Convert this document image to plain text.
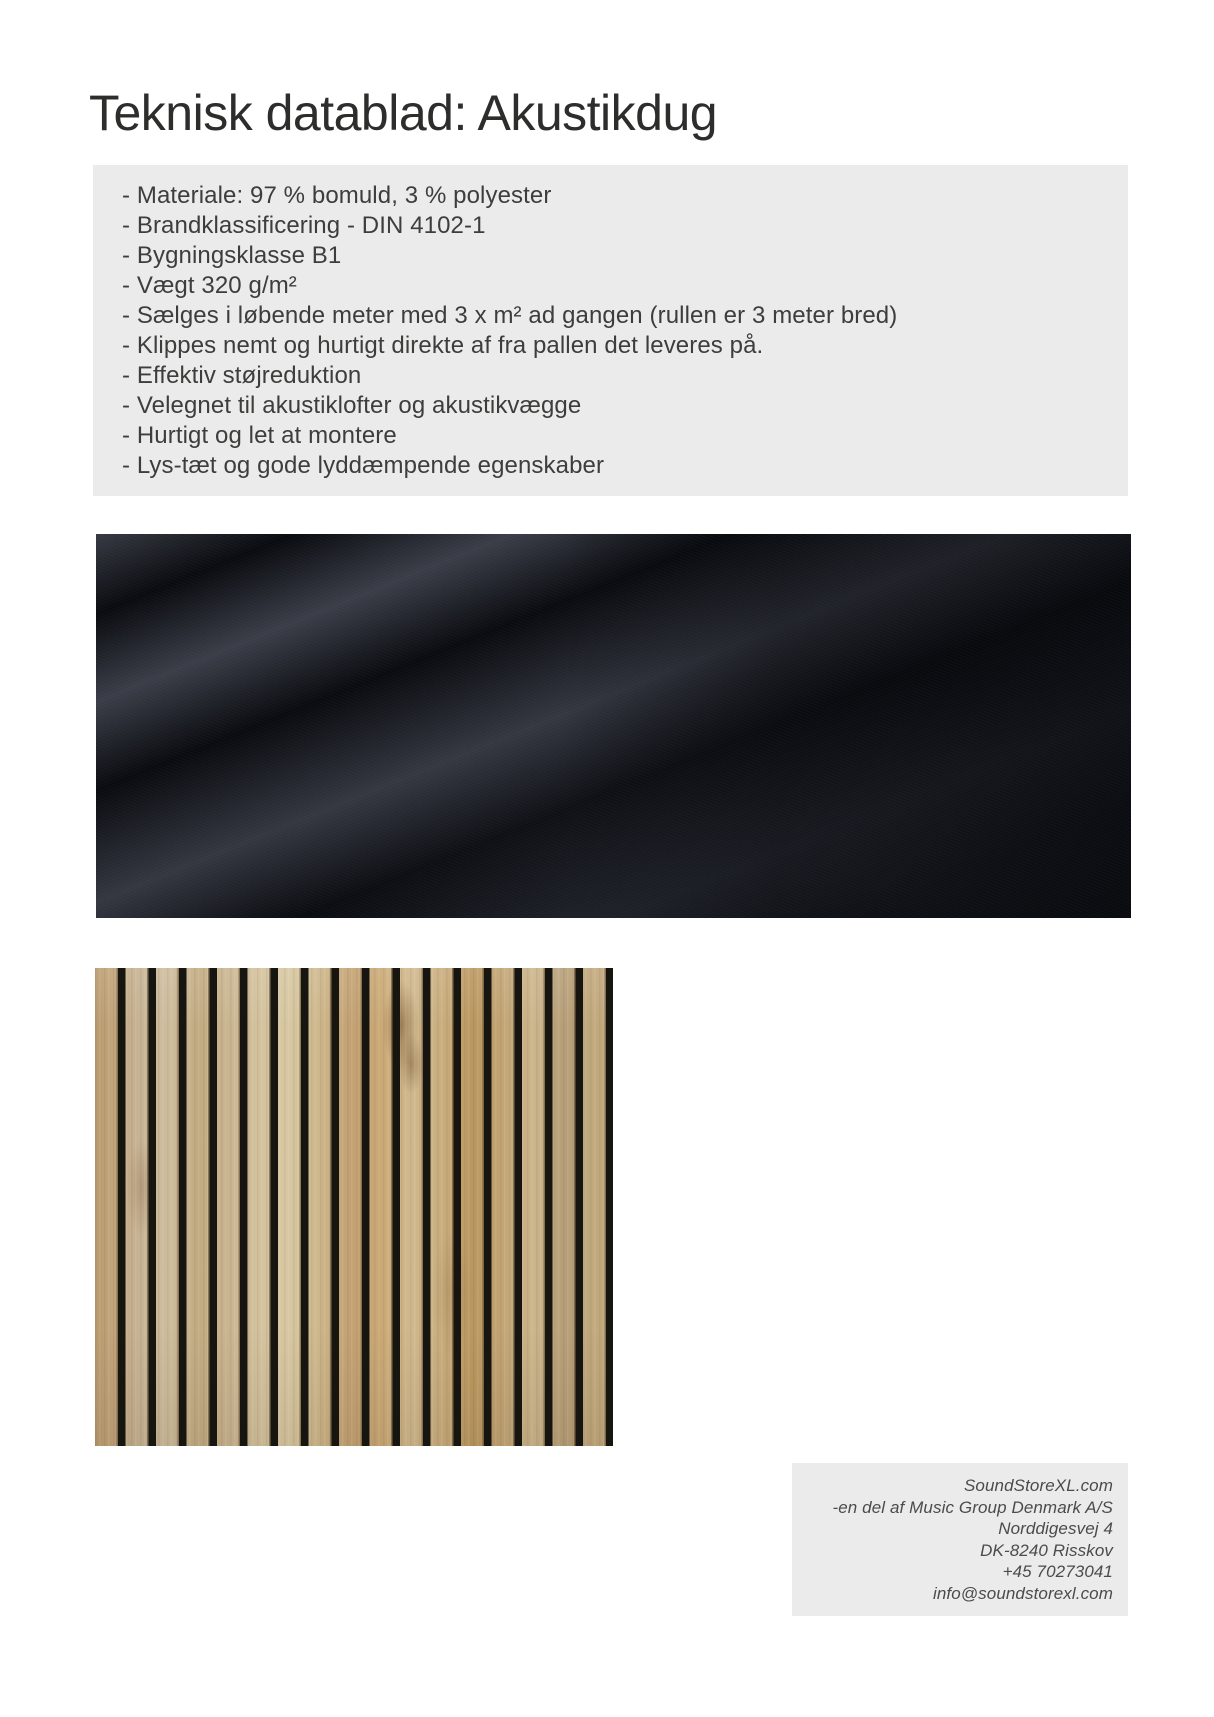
Teknisk datablad: Akustikdug
- Materiale: 97 % bomuld, 3 % polyester
- Brandklassificering - DIN 4102-1
- Bygningsklasse B1
- Vægt 320 g/m²
- Sælges i løbende meter med 3 x m² ad gangen (rullen er 3 meter bred)
- Klippes nemt og hurtigt direkte af fra pallen det leveres på.
- Effektiv støjreduktion
- Velegnet til akustiklofter og akustikvægge
- Hurtigt og let at montere
- Lys-tæt og gode lyddæmpende egenskaber
SoundStoreXL.com
-en del af Music Group Denmark A/S
Norddigesvej 4
DK-8240 Risskov
+45 70273041
info@soundstorexl.com
